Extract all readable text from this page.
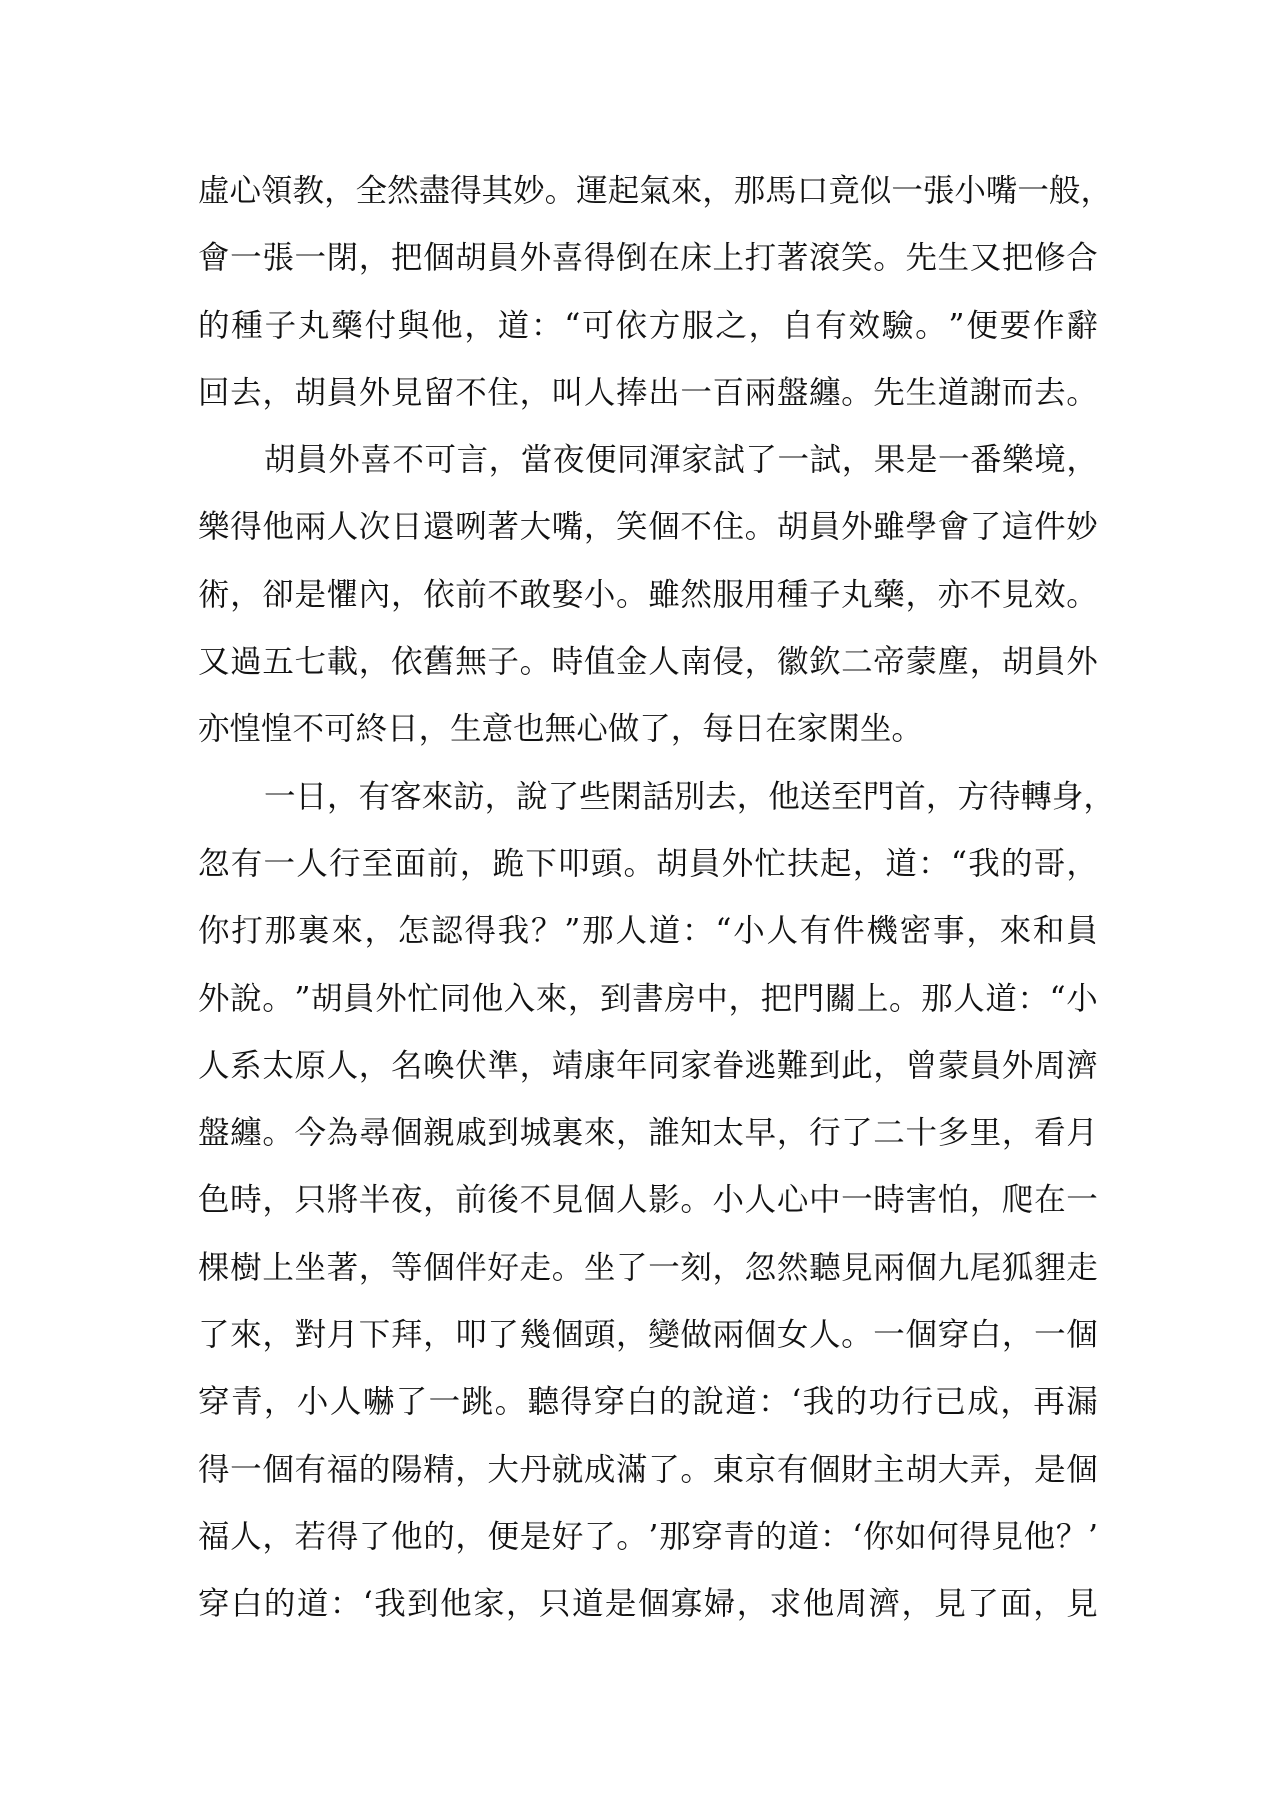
虛 心 領 教 ， 全 然 盡 得 其 妙 。 運 起 氣 來 ， 那 馬 口 竟 似 一 張 小 嘴 一 般 ，
會 一 張 一 閉 ， 把 個 胡 員 外 喜 得 倒 在 床 上 打 著 滾 笑 。 先 生 又 把 修 合
的 種 子 丸 藥 付 與 他 ， 道 ： “ 可 依 方 服 之 ， 自 有 效 驗 。 ” 便 要 作 辭
回 去 ， 胡 員 外 見 留 不 住 ， 叫 人 捧 出 一 百 兩 盤 纏 。 先 生 道 謝 而 去 。
胡 員 外 喜 不 可 言 ， 當 夜 便 同 渾 家 試 了 一 試 ， 果 是 一 番 樂 境 ，
樂 得 他 兩 人 次 日 還 咧 著 大 嘴 ， 笑 個 不 住 。 胡 員 外 雖 學 會 了 這 件 妙
術 ， 卻 是 懼 內 ， 依 前 不 敢 娶 小 。 雖 然 服 用 種 子 丸 藥 ， 亦 不 見 效 。
又 過 五 七 載 ， 依 舊 無 子 。 時 值 金 人 南 侵 ， 徽 欽 二 帝 蒙 塵 ， 胡 員 外
亦 惶 惶 不 可 終 日 ， 生 意 也 無 心 做 了 ， 每 日 在 家 閑 坐 。
一 日 ， 有 客 來 訪 ， 說 了 些 閑 話 別 去 ， 他 送 至 門 首 ， 方 待 轉 身 ，
忽 有 一 人 行 至 面 前 ， 跪 下 叩 頭 。 胡 員 外 忙 扶 起 ， 道 ： “ 我 的 哥 ，
你 打 那 裏 來 ， 怎 認 得 我 ？ ” 那 人 道 ： “ 小 人 有 件 機 密 事 ， 來 和 員
外 說 。 ” 胡 員 外 忙 同 他 入 來 ， 到 書 房 中 ， 把 門 關 上 。 那 人 道 ： “ 小
人 系 太 原 人 ， 名 喚 伏 準 ， 靖 康 年 同 家 眷 逃 難 到 此 ， 曾 蒙 員 外 周 濟
盤 纏 。 今 為 尋 個 親 戚 到 城 裏 來 ， 誰 知 太 早 ， 行 了 二 十 多 里 ， 看 月
色 時 ， 只 將 半 夜 ， 前 後 不 見 個 人 影 。 小 人 心 中 一 時 害 怕 ， 爬 在 一
棵 樹 上 坐 著 ， 等 個 伴 好 走 。 坐 了 一 刻 ， 忽 然 聽 見 兩 個 九 尾 狐 貍 走
了 來 ， 對 月 下 拜 ， 叩 了 幾 個 頭 ， 變 做 兩 個 女 人 。 一 個 穿 白 ， 一 個
穿 青 ， 小 人 嚇 了 一 跳 。 聽 得 穿 白 的 說 道 ： ‘ 我 的 功 行 已 成 ， 再 漏
得 一 個 有 福 的 陽 精 ， 大 丹 就 成 滿 了 。 東 京 有 個 財 主 胡 大 弄 ， 是 個
福 人 ， 若 得 了 他 的 ， 便 是 好 了 。 ’ 那 穿 青 的 道 ： ‘ 你 如 何 得 見 他 ？ ’
穿 白 的 道 ： ‘ 我 到 他 家 ， 只 道 是 個 寡 婦 ， 求 他 周 濟 ， 見 了 面 ， 見
